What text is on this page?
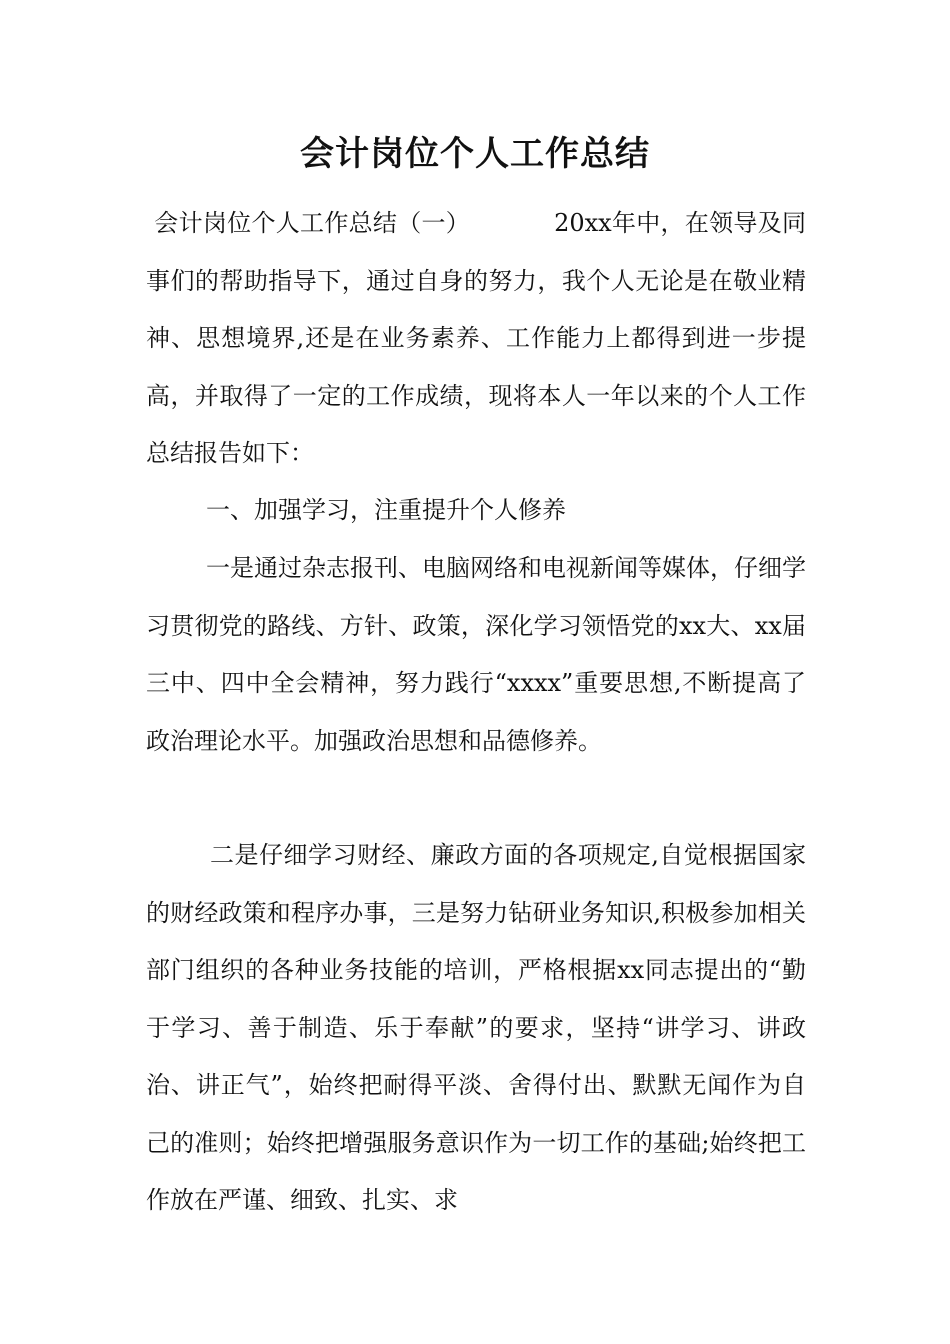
会计岗位个人工作总结

会计岗位个人工作总结（一）	20xx年中，在领导及同事们的帮助指导下，通过自身的努力，我个人无论是在敬业精神、思想境界,还是在业务素养、工作能力上都得到进一步提高，并取得了一定的工作成绩，现将本人一年以来的个人工作总结报告如下：

一、加强学习，注重提升个人修养

一是通过杂志报刊、电脑网络和电视新闻等媒体，仔细学习贯彻党的路线、方针、政策，深化学习领悟党的xx大、xx届三中、四中全会精神，努力践行“xxxx”重要思想,不断提高了政治理论水平。加强政治思想和品德修养。

二是仔细学习财经、廉政方面的各项规定,自觉根据国家的财经政策和程序办事，三是努力钻研业务知识,积极参加相关部门组织的各种业务技能的培训，严格根据xx同志提出的“勤于学习、善于制造、乐于奉献”的要求，坚持“讲学习、讲政治、讲正气”，始终把耐得平淡、舍得付出、默默无闻作为自己的准则；始终把增强服务意识作为一切工作的基础;始终把工作放在严谨、细致、扎实、求
